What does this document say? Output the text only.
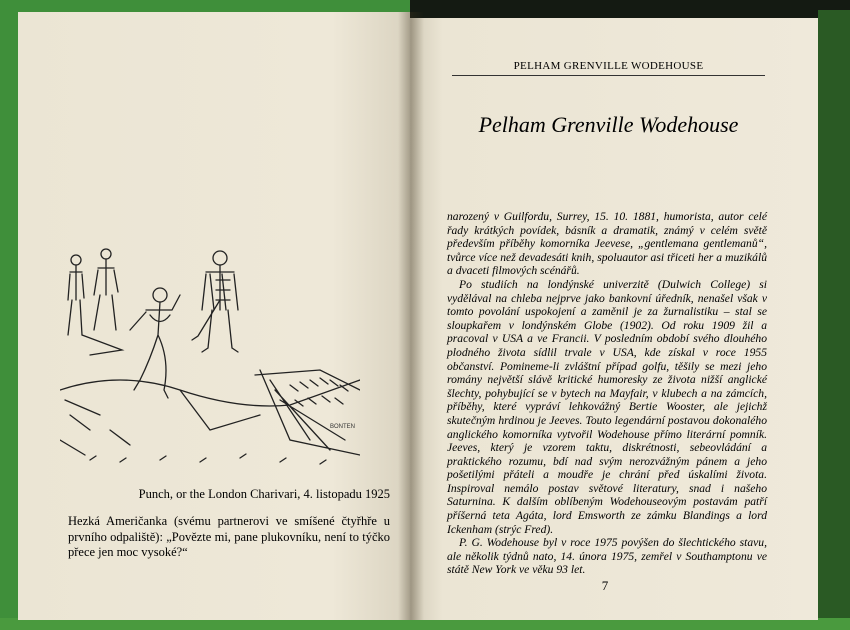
BONTEN
Punch, or the London Charivari, 4. listopadu 1925
Hezká Američanka (svému partnerovi ve smíšené čtyřhře u prvního odpaliště): „Povězte mi, pane plukovníku, není to týčko přece jen moc vysoké?“
PELHAM GRENVILLE WODEHOUSE
Pelham Grenville Wodehouse

narozený v Guilfordu, Surrey, 15. 10. 1881, humorista, autor celé řady krátkých povídek, básník a dramatik, známý v celém světě především příběhy komorníka Jeevese, „gentlemana gentlemanů“, tvůrce více než devadesáti knih, spoluautor asi třiceti her a muzikálů a dvaceti filmových scénářů.

Po studiích na londýnské univerzitě (Dulwich College) si vydělával na chleba nejprve jako bankovní úředník, nenašel však v tomto povolání uspokojení a zaměnil je za žurnalistiku – stal se sloupkařem v londýnském Globe (1902). Od roku 1909 žil a pracoval v USA a ve Francii. V posledním období svého dlouhého plodného života sídlil trvale v USA, kde získal v roce 1955 občanství. Pomineme-li zvláštní případ golfu, těšily se mezi jeho romány největší slávě kritické humoresky ze života nižší anglické šlechty, pohybující se v bytech na Mayfair, v klubech a na zámcích, příběhy, které vypráví lehkovážný Bertie Wooster, ale jejichž skutečným hrdinou je Jeeves. Touto legendární postavou dokonalého anglického komorníka vytvořil Wodehouse přímo literární pomník. Jeeves, který je vzorem taktu, diskrétnosti, sebeovládání a praktického rozumu, bdí nad svým nerozvážným pánem a jeho pošetilými přáteli a moudře je chrání před úskalími života. Inspiroval nemálo postav světové literatury, snad i našeho Saturnina. K dalším oblíbeným Wodehouseovým postavám patří příšerná teta Agáta, lord Emsworth ze zámku Blandings a lord Ickenham (strýc Fred).

P. G. Wodehouse byl v roce 1975 povýšen do šlechtického stavu, ale několik týdnů nato, 14. února 1975, zemřel v Southamptonu ve státě New York ve věku 93 let.

7
